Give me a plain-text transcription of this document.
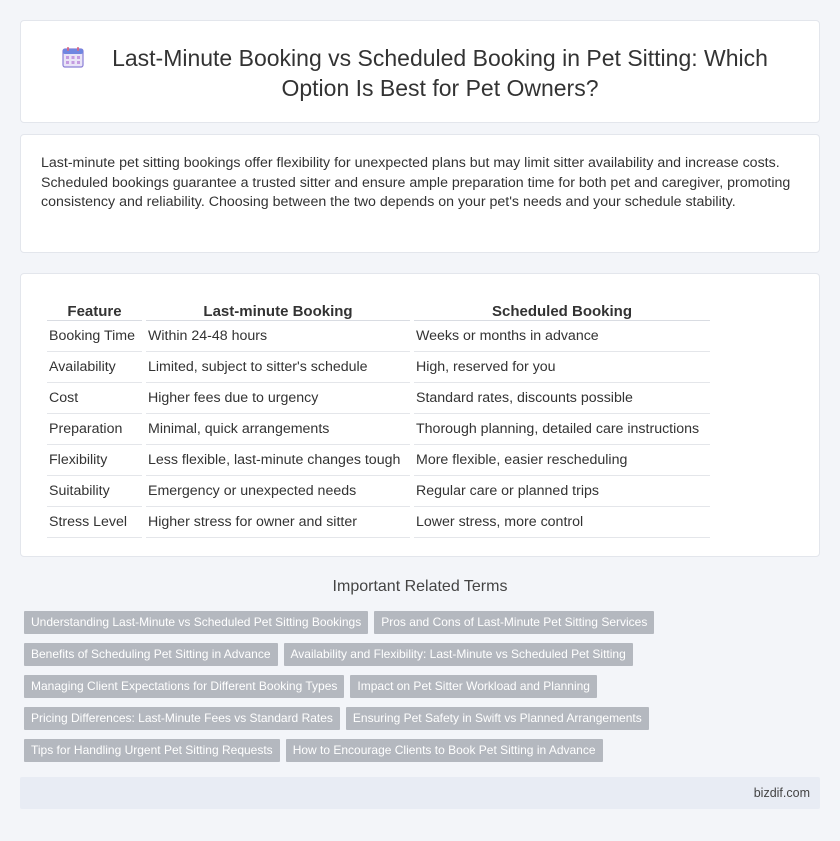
Last-Minute Booking vs Scheduled Booking in Pet Sitting: Which Option Is Best for Pet Owners?

Last-minute pet sitting bookings offer flexibility for unexpected plans but may limit sitter availability and increase costs. Scheduled bookings guarantee a trusted sitter and ensure ample preparation time for both pet and caregiver, promoting consistency and reliability. Choosing between the two depends on your pet's needs and your schedule stability.

Feature	Last-minute Booking	Scheduled Booking
Booking Time	Within 24-48 hours	Weeks or months in advance
Availability	Limited, subject to sitter's schedule	High, reserved for you
Cost	Higher fees due to urgency	Standard rates, discounts possible
Preparation	Minimal, quick arrangements	Thorough planning, detailed care instructions
Flexibility	Less flexible, last-minute changes tough	More flexible, easier rescheduling
Suitability	Emergency or unexpected needs	Regular care or planned trips
Stress Level	Higher stress for owner and sitter	Lower stress, more control
Important Related Terms
Understanding Last-Minute vs Scheduled Pet Sitting Bookings Pros and Cons of Last-Minute Pet Sitting Services
Benefits of Scheduling Pet Sitting in Advance Availability and Flexibility: Last-Minute vs Scheduled Pet Sitting
Managing Client Expectations for Different Booking Types Impact on Pet Sitter Workload and Planning
Pricing Differences: Last-Minute Fees vs Standard Rates Ensuring Pet Safety in Swift vs Planned Arrangements
Tips for Handling Urgent Pet Sitting Requests How to Encourage Clients to Book Pet Sitting in Advance
bizdif.com
